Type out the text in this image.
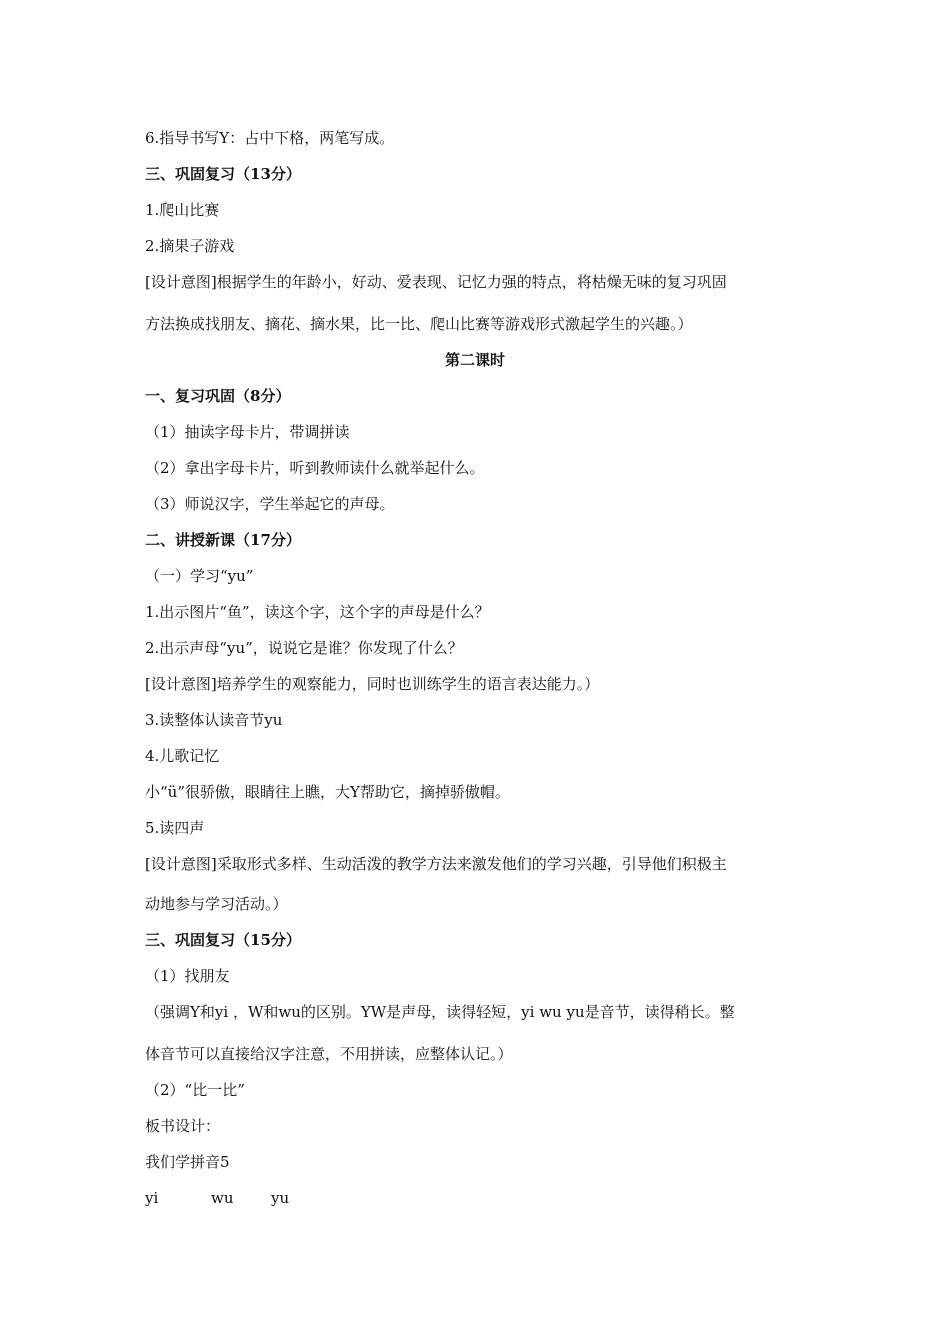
6.指导书写Y：占中下格，两笔写成。
三、巩固复习（13分）
1.爬山比赛
2.摘果子游戏
[设计意图]根据学生的年龄小，好动、爱表现、记忆力强的特点，将枯燥无味的复习巩固
方法换成找朋友、摘花、摘水果，比一比、爬山比赛等游戏形式激起学生的兴趣。）
第二课时
一、复习巩固（8分）
（1）抽读字母卡片，带调拼读
（2）拿出字母卡片，听到教师读什么就举起什么。
（3）师说汉字，学生举起它的声母。
二、讲授新课（17分）
（一）学习“yu”
1.出示图片“鱼”，读这个字，这个字的声母是什么？
2.出示声母“yu”，说说它是谁？你发现了什么？
[设计意图]培养学生的观察能力，同时也训练学生的语言表达能力。）
3.读整体认读音节yu
4.儿歌记忆
小“ü”很骄傲，眼睛往上瞧，大Y帮助它，摘掉骄傲帽。
5.读四声
[设计意图]采取形式多样、生动活泼的教学方法来激发他们的学习兴趣，引导他们积极主
动地参与学习活动。）
三、巩固复习（15分）
（1）找朋友
（强调Y和yi ，W和wu的区别。YW是声母，读得轻短，yi wu yu是音节，读得稍长。整
体音节可以直接给汉字注意，不用拼读，应整体认记。）
（2）“比一比”
板书设计：
我们学拼音5
yi	wu	yu
